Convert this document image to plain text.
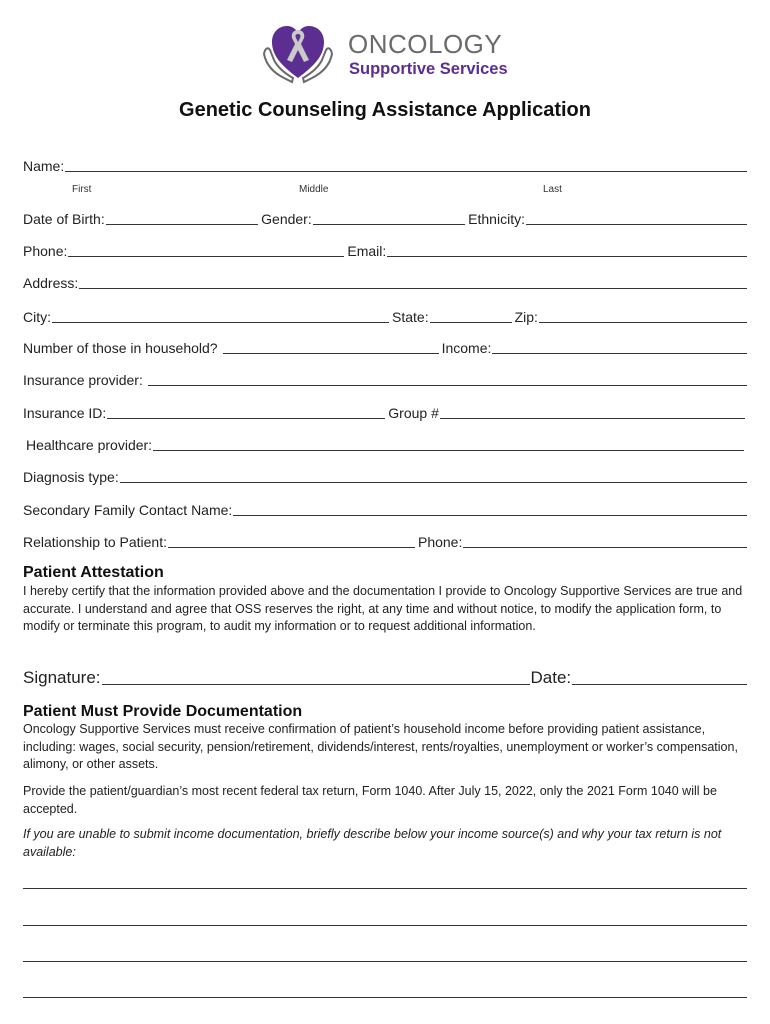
ONCOLOGY
Supportive Services
Genetic Counseling Assistance Application
Name:
First	Middle	Last
Date of Birth:	Gender:	Ethnicity:
Phone:	Email:
Address:
City:	State:	Zip:
Number of those in household?	Income:
Insurance provider:
Insurance ID:	Group #
Healthcare provider:
Diagnosis type:
Secondary Family Contact Name:
Relationship to Patient:	Phone:
Patient Attestation

I hereby certify that the information provided above and the documentation I provide to Oncology Supportive Services are true and accurate. I understand and agree that OSS reserves the right, at any time and without notice, to modify the application form, to modify or terminate this program, to audit my information or to request additional information.

Signature:	Date:
Patient Must Provide Documentation

Oncology Supportive Services must receive confirmation of patient’s household income before providing patient assistance, including: wages, social security, pension/retirement, dividends/interest, rents/royalties, unemployment or worker’s compensation, alimony, or other assets.

Provide the patient/guardian’s most recent federal tax return, Form 1040. After July 15, 2022, only the 2021 Form 1040 will be accepted.

If you are unable to submit income documentation, briefly describe below your income source(s) and why your tax return is not available:
